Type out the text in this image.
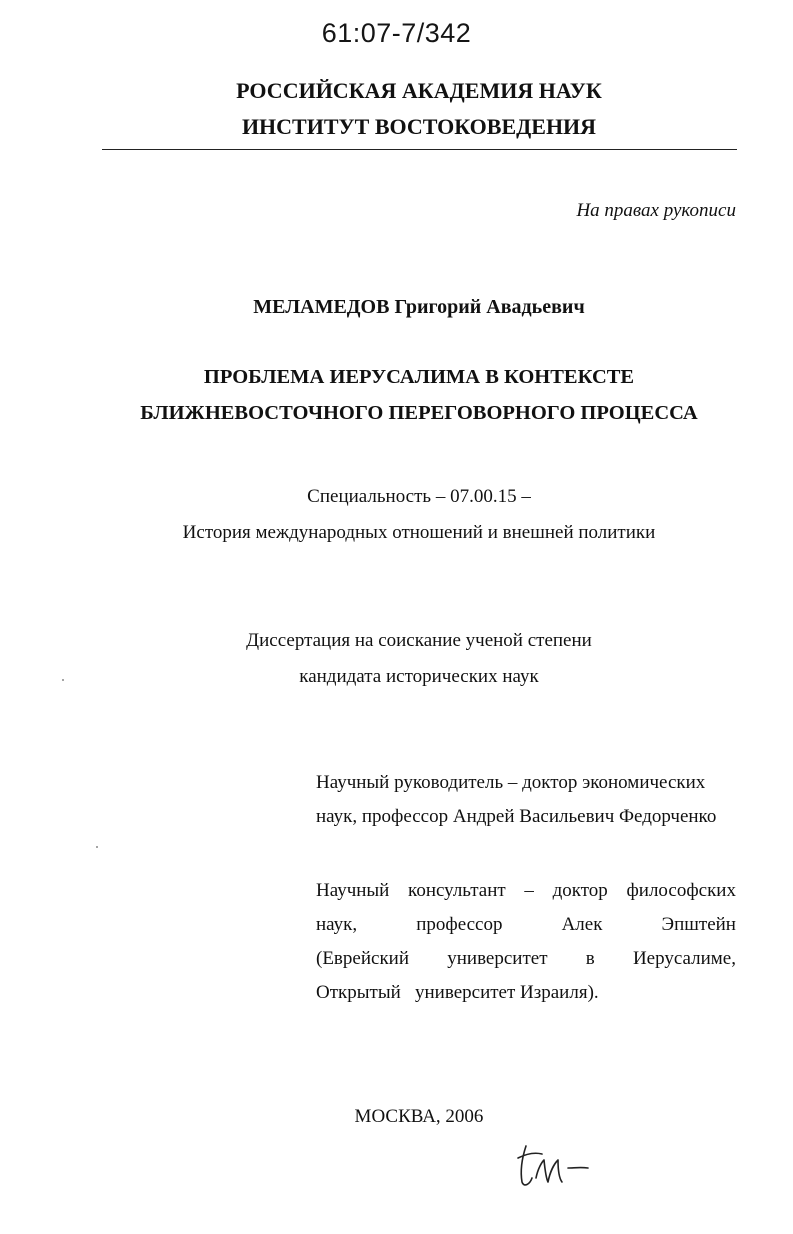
61:07-7/342
РОССИЙСКАЯ АКАДЕМИЯ НАУК
ИНСТИТУТ ВОСТОКОВЕДЕНИЯ
На правах рукописи
МЕЛАМЕДОВ Григорий Авадьевич
ПРОБЛЕМА ИЕРУСАЛИМА В КОНТЕКСТЕ
БЛИЖНЕВОСТОЧНОГО ПЕРЕГОВОРНОГО ПРОЦЕССА
Специальность – 07.00.15 –
История международных отношений и внешней политики
Диссертация на соискание ученой степени
кандидата исторических наук
Научный руководитель – доктор экономических
наук, профессор Андрей Васильевич Федорченко
Научный консультант – доктор философских
наук,	профессор	Алек	Эпштейн
(Еврейский университет в Иерусалиме,
Открытый   университет Израиля).
МОСКВА, 2006
